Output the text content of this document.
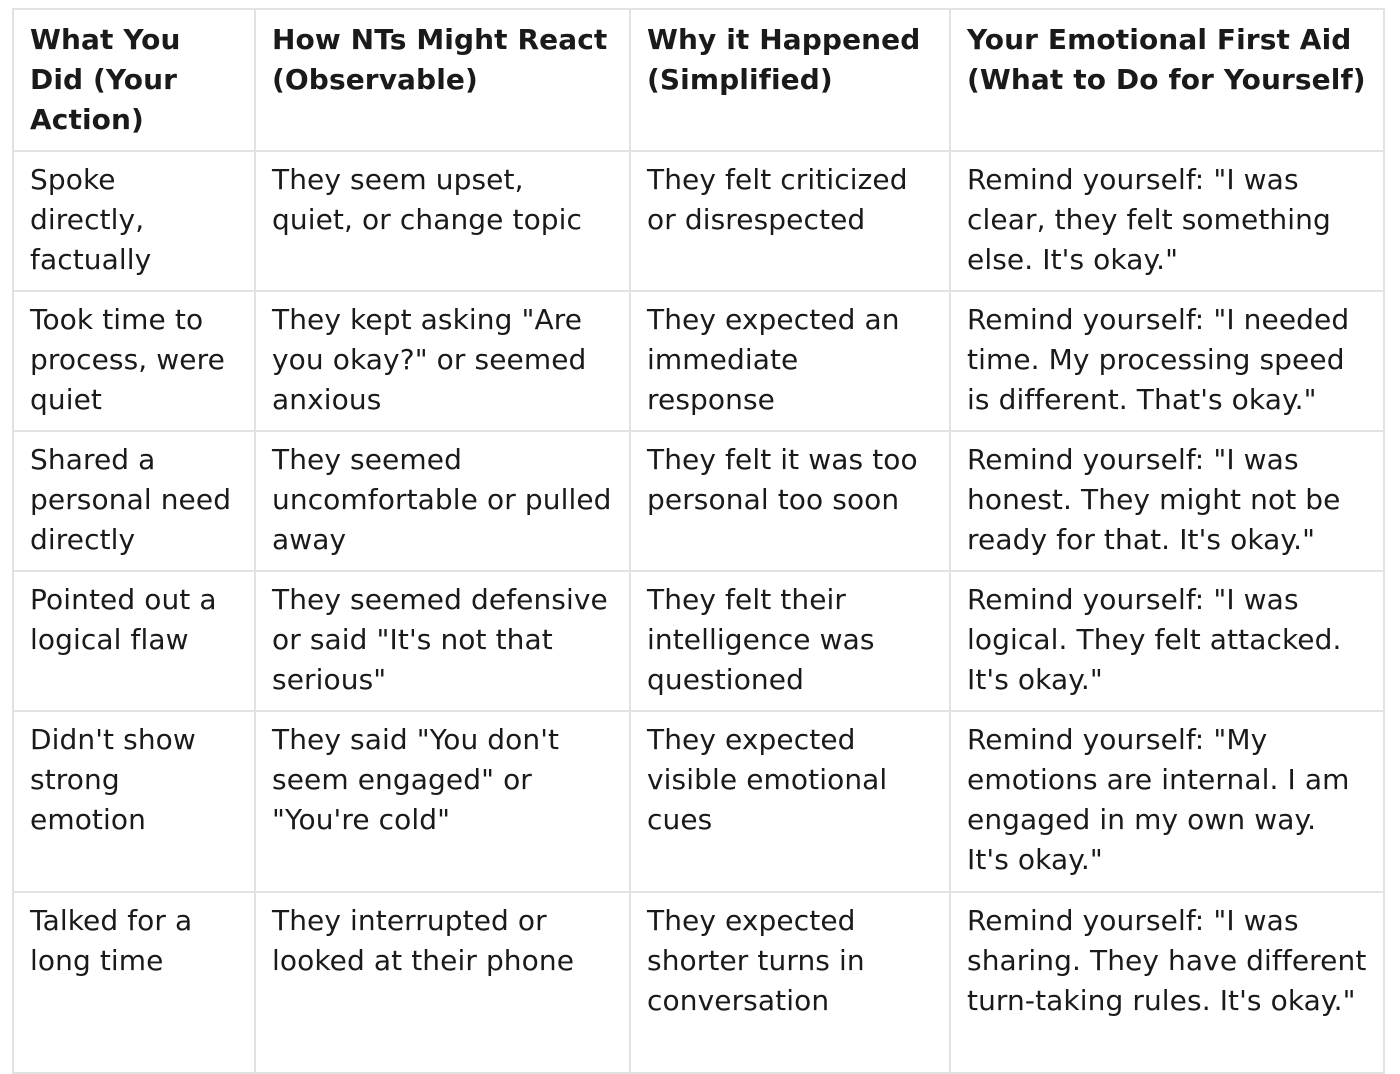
What You Did (Your Action)	How NTs Might React (Observable)	Why it Happened (Simplified)	Your Emotional First Aid (What to Do for Yourself)
Spoke directly, factually	They seem upset, quiet, or change topic	They felt criticized or disrespected	Remind yourself: "I was clear, they felt something else. It's okay."
Took time to process, were quiet	They kept asking "Are you okay?" or seemed anxious	They expected an immediate response	Remind yourself: "I needed time. My processing speed is different. That's okay."
Shared a personal need directly	They seemed uncomfortable or pulled away	They felt it was too personal too soon	Remind yourself: "I was honest. They might not be ready for that. It's okay."
Pointed out a logical flaw	They seemed defensive or said "It's not that serious"	They felt their intelligence was questioned	Remind yourself: "I was logical. They felt attacked. It's okay."
Didn't show strong emotion	They said "You don't seem engaged" or "You're cold"	They expected visible emotional cues	Remind yourself: "My emotions are internal. I am engaged in my own way. It's okay."
Talked for a long time	They interrupted or looked at their phone	They expected shorter turns in conversation	Remind yourself: "I was sharing. They have different turn-taking rules. It's okay."
